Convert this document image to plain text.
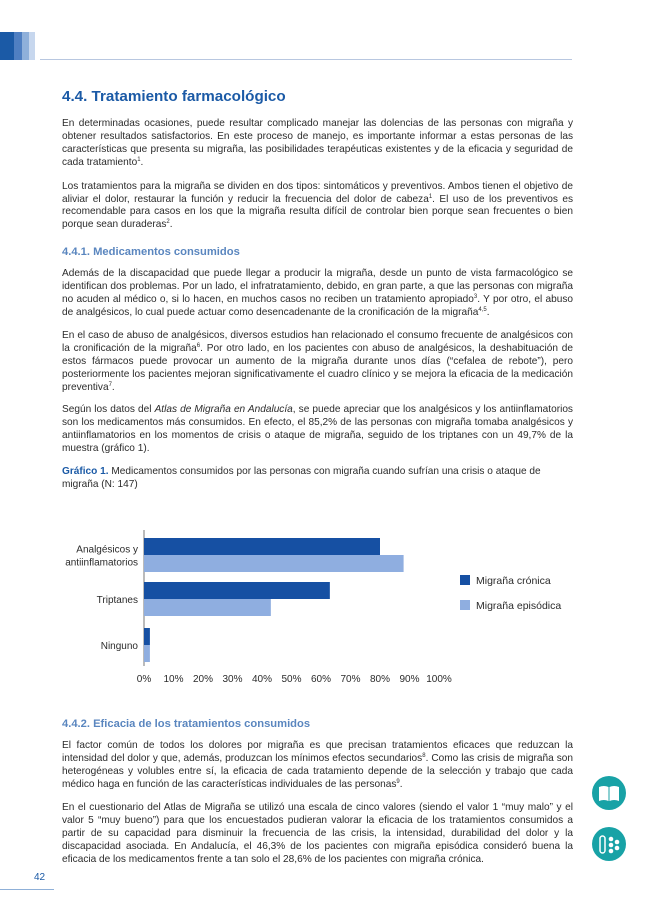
4.4. Tratamiento farmacológico

En determinadas ocasiones, puede resultar complicado manejar las dolencias de las personas con migraña y obtener resultados satisfactorios. En este proceso de manejo, es importante informar a estas personas de las características que presenta su migraña, las posibilidades terapéuticas existentes y de la eficacia y seguridad de cada tratamiento$^1$.

Los tratamientos para la migraña se dividen en dos tipos: sintomáticos y preventivos. Ambos tienen el objetivo de aliviar el dolor, restaurar la función y reducir la frecuencia del dolor de cabeza$^1$. El uso de los preventivos es recomendable para casos en los que la migraña resulta difícil de controlar bien porque sean frecuentes o bien porque sean duraderas$^2$.

4.4.1. Medicamentos consumidos

Además de la discapacidad que puede llegar a producir la migraña, desde un punto de vista farmacológico se identifican dos problemas. Por un lado, el infratratamiento, debido, en gran parte, a que las personas con migraña no acuden al médico o, si lo hacen, en muchos casos no reciben un tratamiento apropiado$^3$. Y por otro, el abuso de analgésicos, lo cual puede actuar como desencadenante de la cronificación de la migraña$^{4,5}$.

En el caso de abuso de analgésicos, diversos estudios han relacionado el consumo frecuente de analgésicos con la cronificación de la migraña$^6$. Por otro lado, en los pacientes con abuso de analgésicos, la deshabituación de estos fármacos puede provocar un aumento de la migraña durante unos días (“cefalea de rebote”), pero posteriormente los pacientes mejoran significativamente el cuadro clínico y se mejora la eficacia de la medicación preventiva$^7$.

Según los datos del Atlas de Migraña en Andalucía, se puede apreciar que los analgésicos y los antiinflamatorios son los medicamentos más consumidos. En efecto, el 85,2% de las personas con migraña tomaba analgésicos y antiinflamatorios en los momentos de crisis o ataque de migraña, seguido de los triptanes con un 49,7% de la muestra (gráfico 1).

Gráfico 1. Medicamentos consumidos por las personas con migraña cuando sufrían una crisis o ataque de migraña (N: 147)
4.4.2. Eficacia de los tratamientos consumidos

El factor común de todos los dolores por migraña es que precisan tratamientos eficaces que reduzcan la intensidad del dolor y que, además, produzcan los mínimos efectos secundarios$^8$. Como las crisis de migraña son heterogéneas y volubles entre sí, la eficacia de cada tratamiento depende de la selección y trabajo que cada médico haga en función de las características individuales de las personas$^9$.

En el cuestionario del Atlas de Migraña se utilizó una escala de cinco valores (siendo el valor 1 “muy malo” y el valor 5 “muy bueno”) para que los encuestados pudieran valorar la eficacia de los tratamientos consumidos a partir de su capacidad para disminuir la frecuencia de las crisis, la intensidad, durabilidad del dolor y la discapacidad asociada. En Andalucía, el 46,3% de los pacientes con migraña episódica consideró buena la eficacia de los medicamentos frente a tan solo el 28,6% de los pacientes con migraña crónica.

Analgésicos y
antiinflamatorios
Triptanes
Ninguno
0% 10% 20% 30% 40% 50% 60% 70% 80% 90% 100%
Migraña crónica
Migraña episódica
42
